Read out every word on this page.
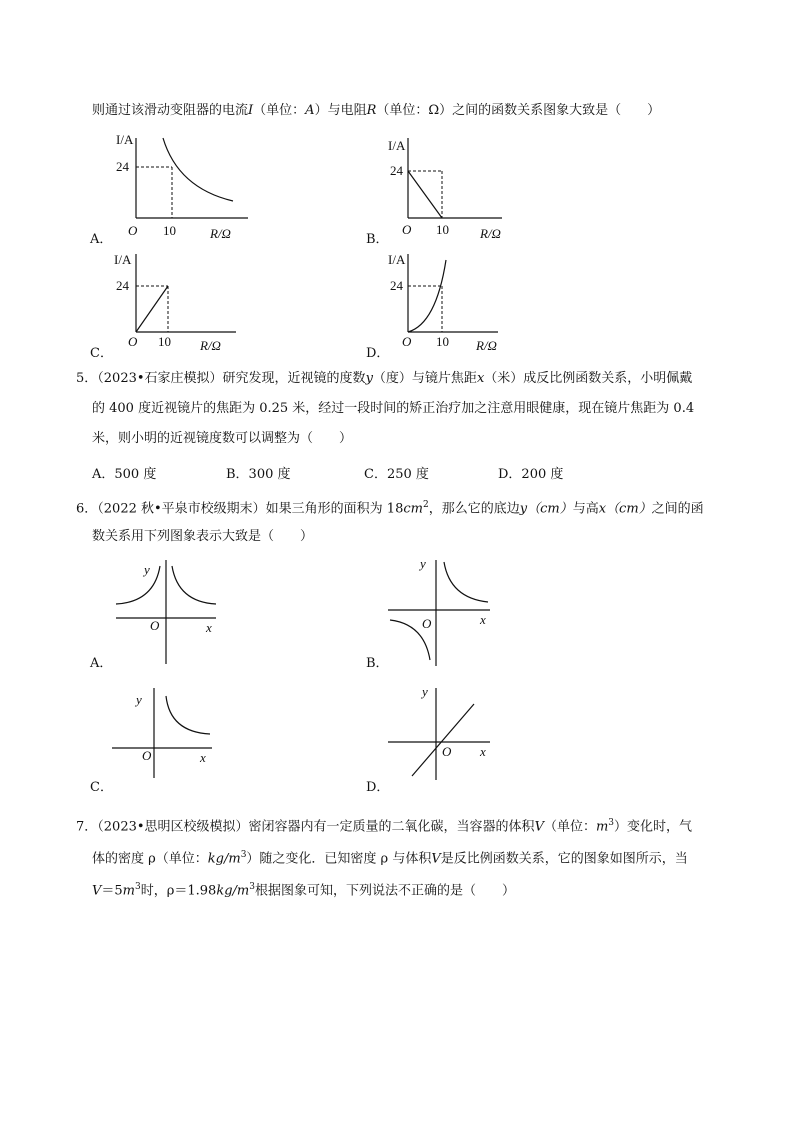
则通过该滑动变阻器的电流I（单位：A）与电阻R（单位：Ω）之间的函数关系图象大致是（　　）
I/A
R/Ω
O
24
10
A．
I/A
R/Ω
O
24
10
B．
I/A
R/Ω
O
24
10
C．
I/A
R/Ω
O
24
10
D．
5．（2023•石家庄模拟）研究发现，近视镜的度数y（度）与镜片焦距x（米）成反比例函数关系，小明佩戴
的 400 度近视镜片的焦距为 0.25 米，经过一段时间的矫正治疗加之注意用眼健康，现在镜片焦距为 0.4
米，则小明的近视镜度数可以调整为（　　）
A．500 度	B．300 度	C．250 度	D．200 度
6．（2022 秋•平泉市校级期末）如果三角形的面积为 $18cm^2$，那么它的底边y（cm）与高x（cm）之间的函
数关系用下列图象表示大致是（　　）
y
x
O
A．
y
x
O
B．
y
x
O
C．
y
x
O
D．
7．（2023•思明区校级模拟）密闭容器内有一定质量的二氧化碳，当容器的体积V（单位：$m^3$）变化时，气
体的密度 ρ（单位：$kg/m^3$）随之变化．已知密度 ρ 与体积V是反比例函数关系，它的图象如图所示，当
$V=5m^3$时，$\rho=1.98kg/m^3$根据图象可知，下列说法不正确的是（　　）
